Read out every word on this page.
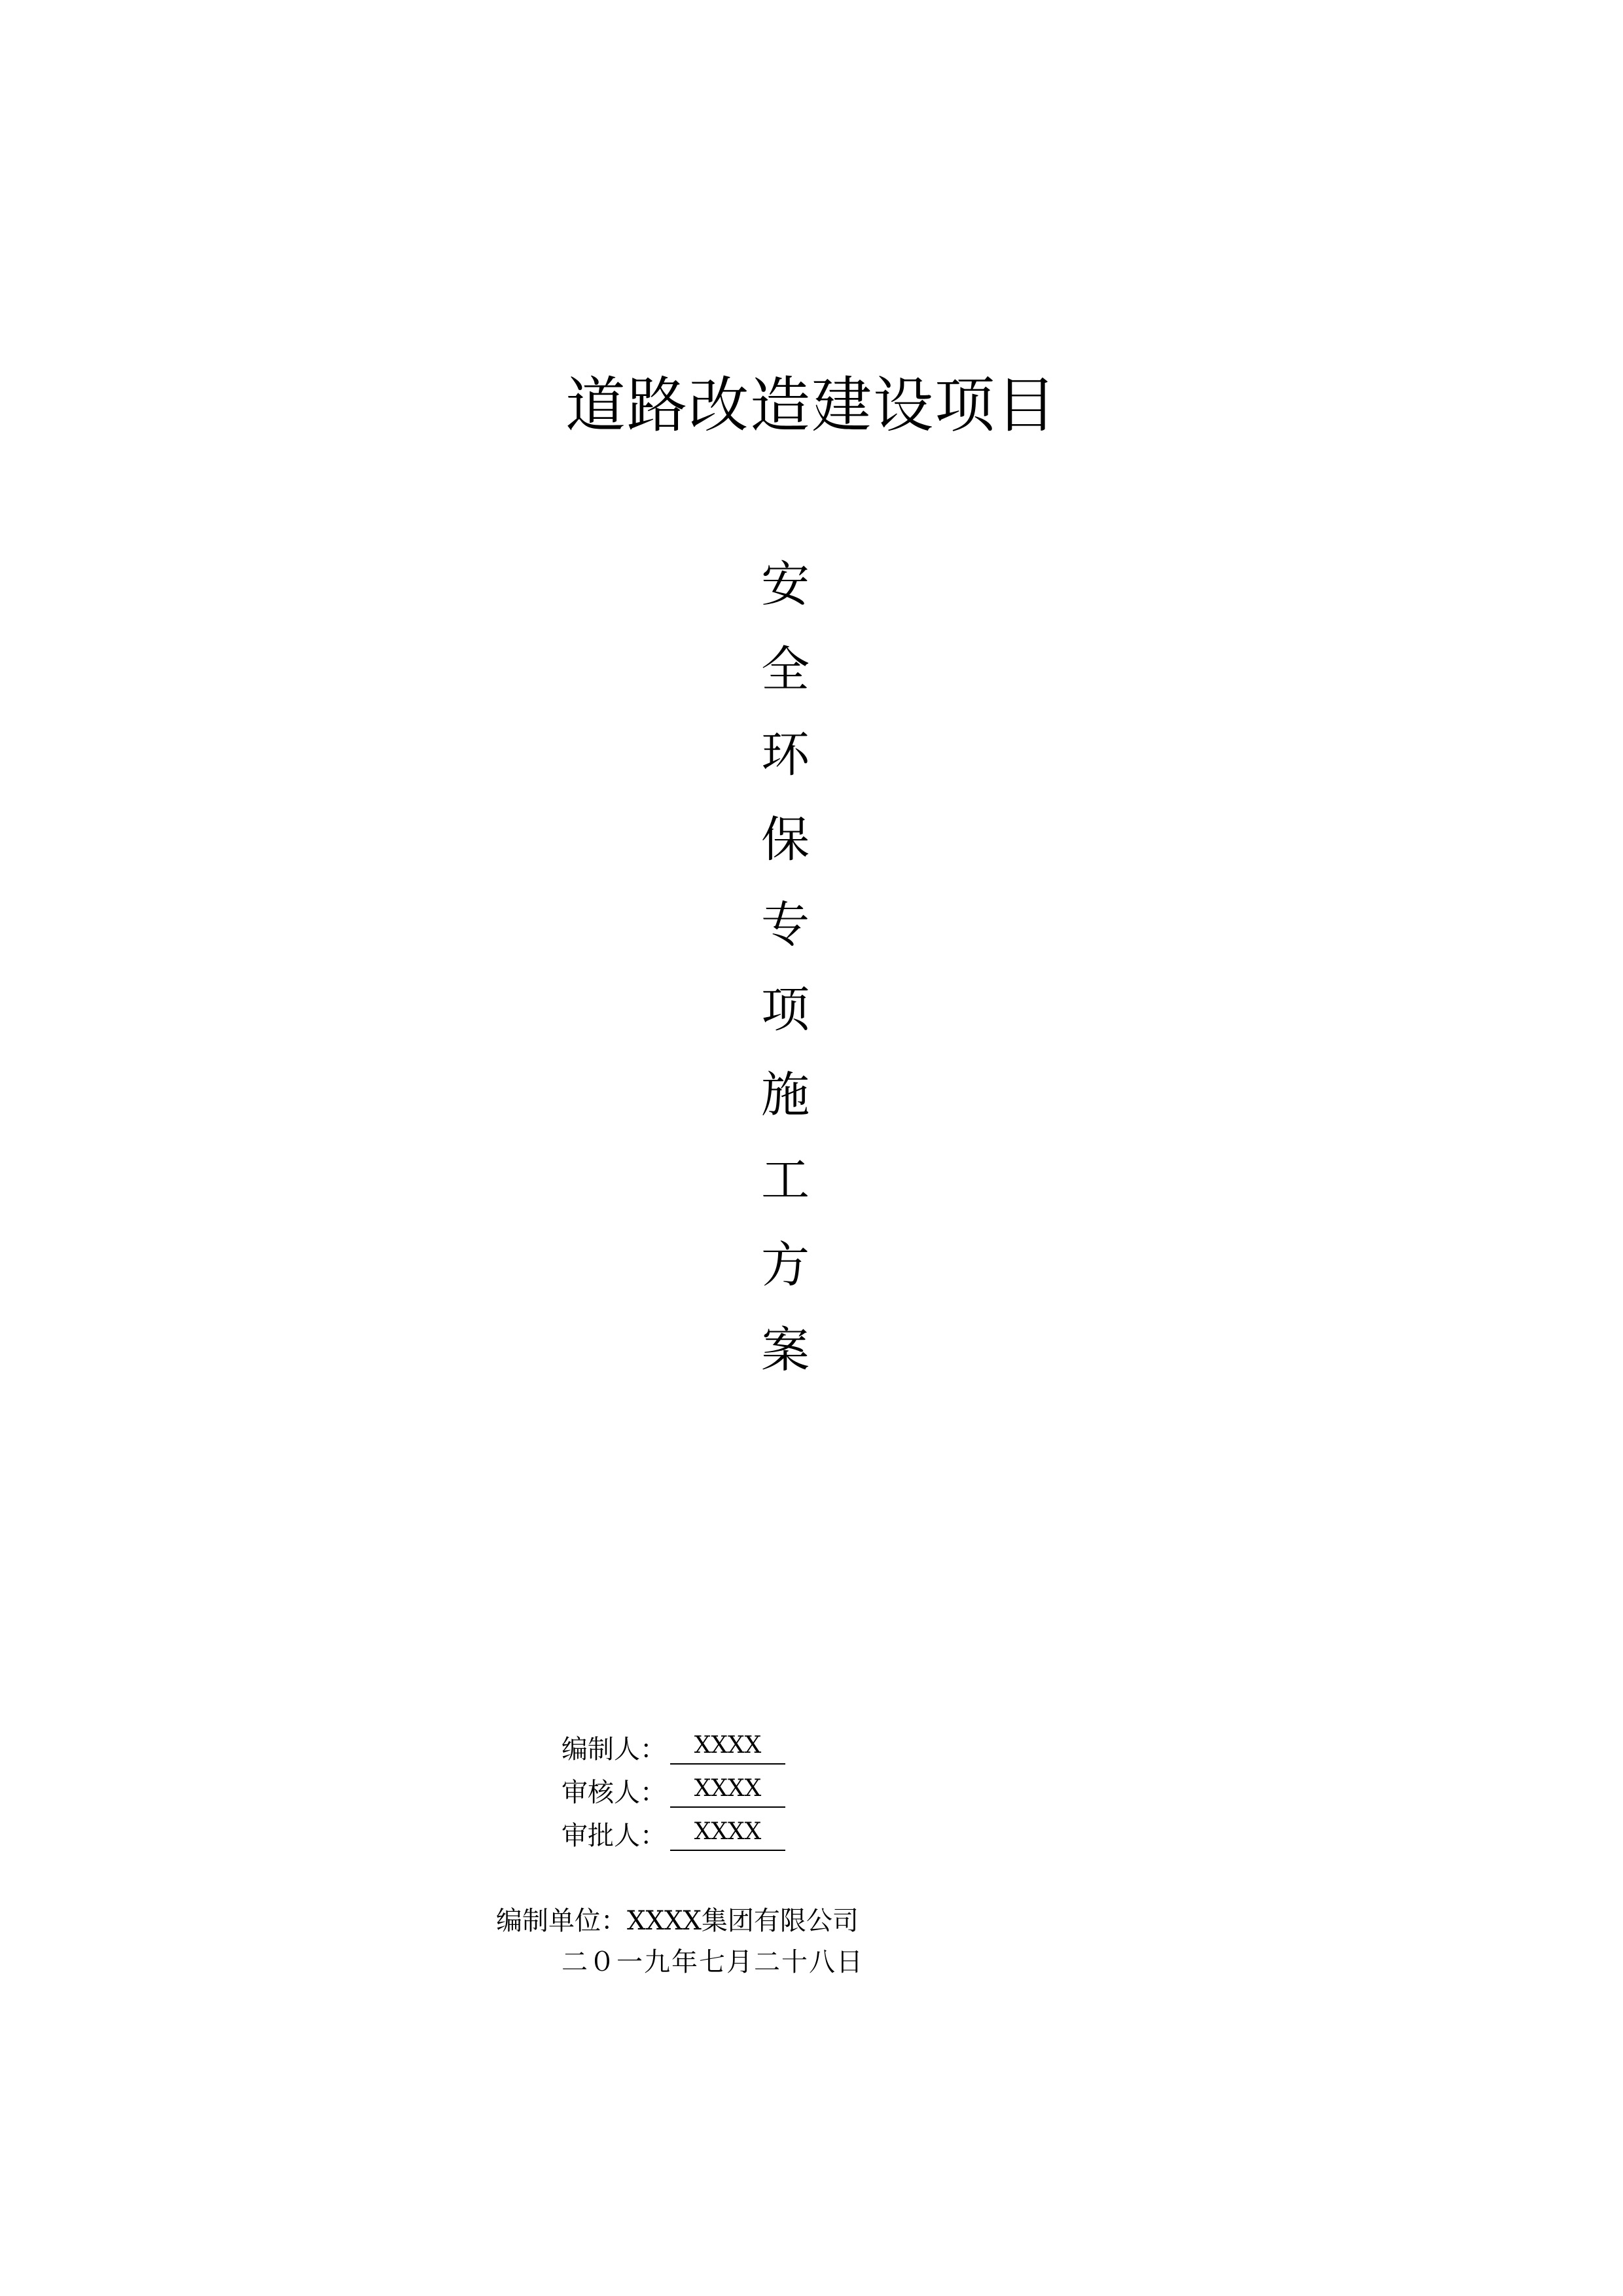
道路改造建设项目
安
全
环
保
专
项
施
工
方
案
编制人： XXXX
审核人： XXXX
审批人： XXXX
编制单位：XXXX集团有限公司
二０一九年七月二十八日
